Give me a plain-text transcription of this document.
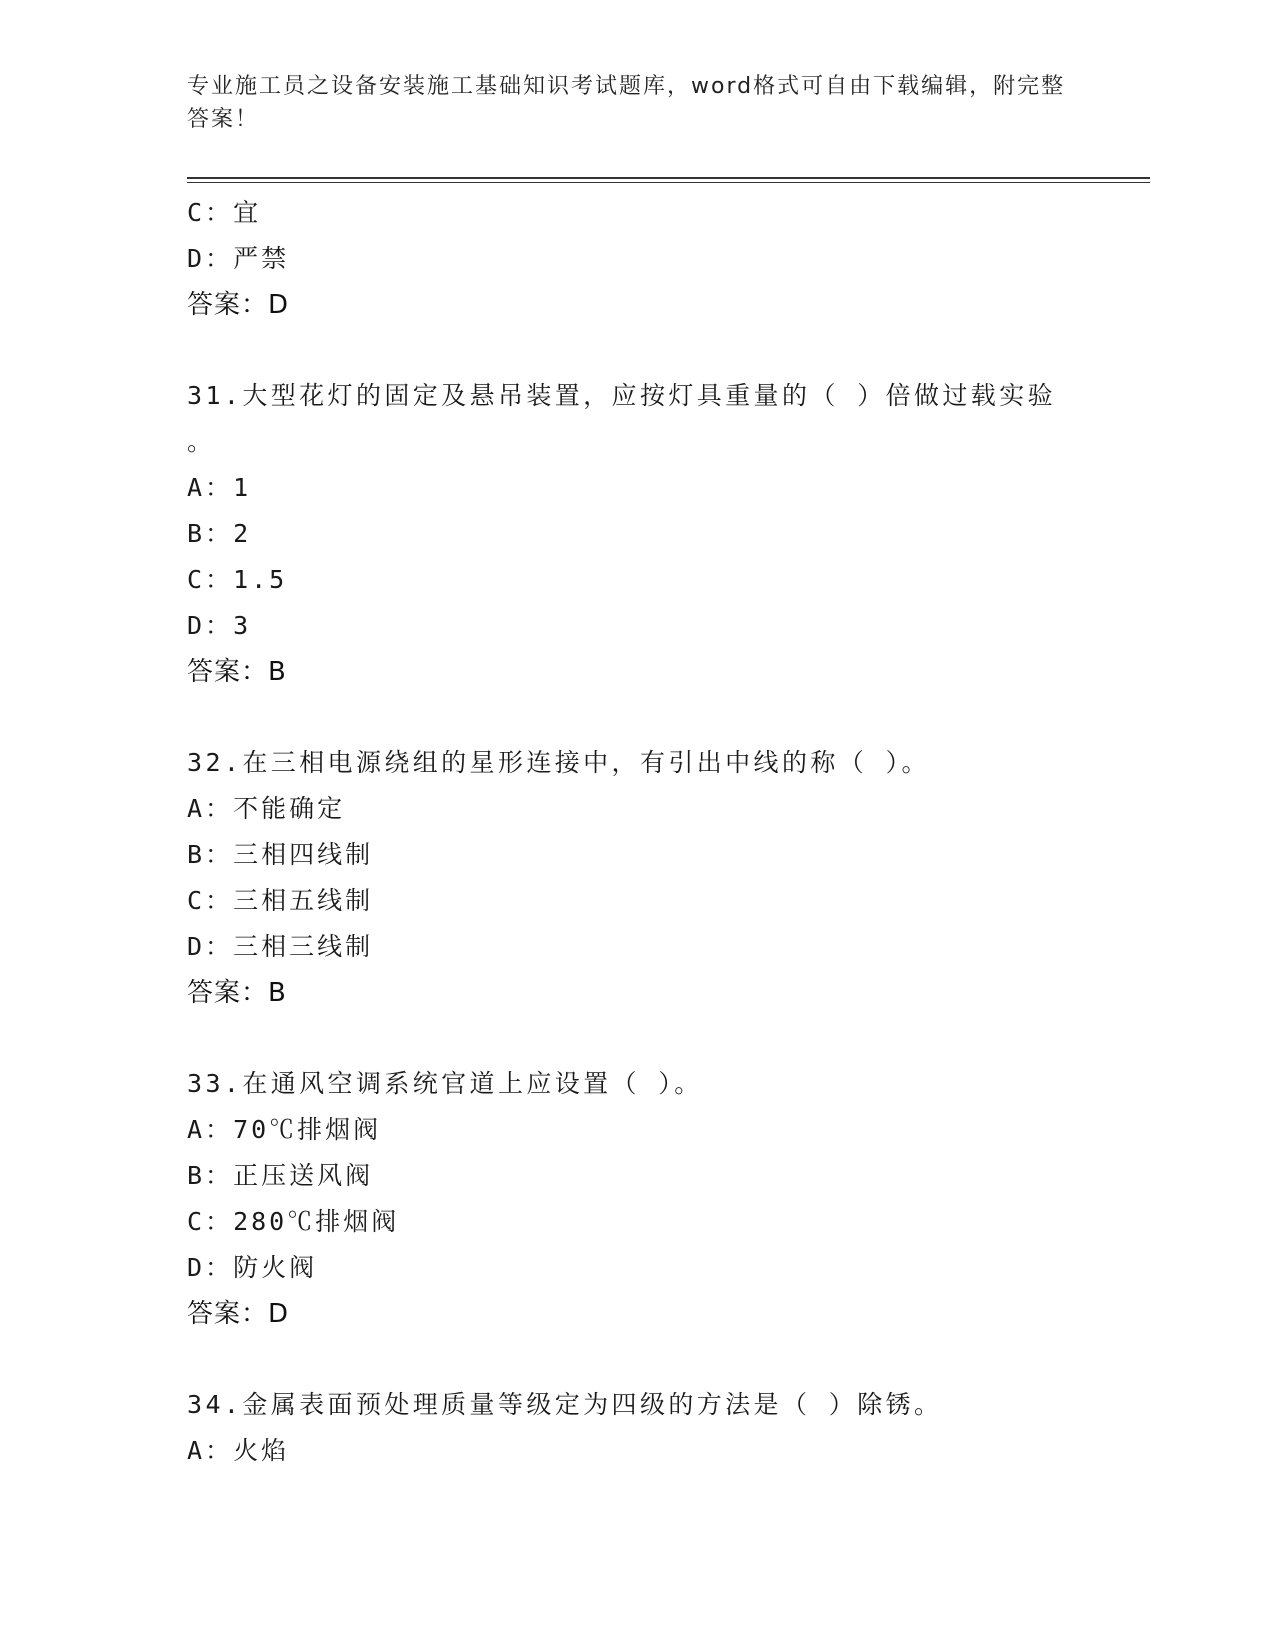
专业施工员之设备安装施工基础知识考试题库，word格式可自由下载编辑，附完整答案！
C：宜
D：严禁
答案：D
31.大型花灯的固定及悬吊装置，应按灯具重量的（ ）倍做过载实验
。
A：1
B：2
C：1.5
D：3
答案：B
32.在三相电源绕组的星形连接中，有引出中线的称（ ）。
A：不能确定
B：三相四线制
C：三相五线制
D：三相三线制
答案：B
33.在通风空调系统官道上应设置（ ）。
A：70℃排烟阀
B：正压送风阀
C：280℃排烟阀
D：防火阀
答案：D
34.金属表面预处理质量等级定为四级的方法是（ ）除锈。
A：火焰
